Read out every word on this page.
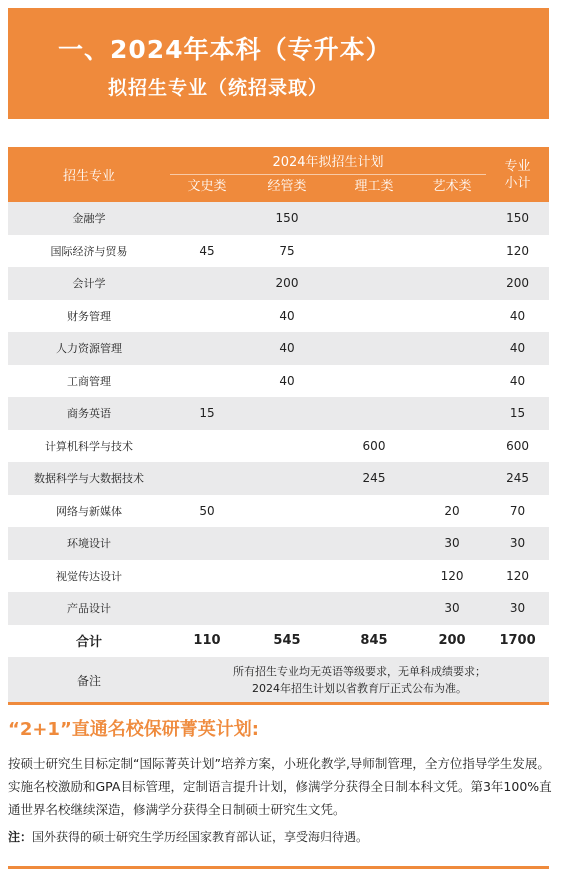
一、2024年本科（专升本）
拟招生专业（统招录取）
招生专业	2024年拟招生计划				专业
小计
	文史类	经管类	理工类	艺术类	
金融学		150			150
国际经济与贸易	45	75			120
会计学		200			200
财务管理		40			40
人力资源管理		40			40
工商管理		40			40
商务英语	15				15
计算机科学与技术			600		600
数据科学与大数据技术			245		245
网络与新媒体	50			20	70
环境设计				30	30
视觉传达设计				120	120
产品设计				30	30
合计	110	545	845	200	1700
备注	所有招生专业均无英语等级要求，无单科成绩要求；
2024年招生计划以省教育厅正式公布为准。				
“2+1”直通名校保研菁英计划:
按硕士研究生目标定制“国际菁英计划”培养方案，小班化教学,导师制管理，全方位指导学生发展。实施名校激励和GPA目标管理，定制语言提升计划，修满学分获得全日制本科文凭。第3年100%直通世界名校继续深造，修满学分获得全日制硕士研究生文凭。
注：国外获得的硕士研究生学历经国家教育部认证，享受海归待遇。
